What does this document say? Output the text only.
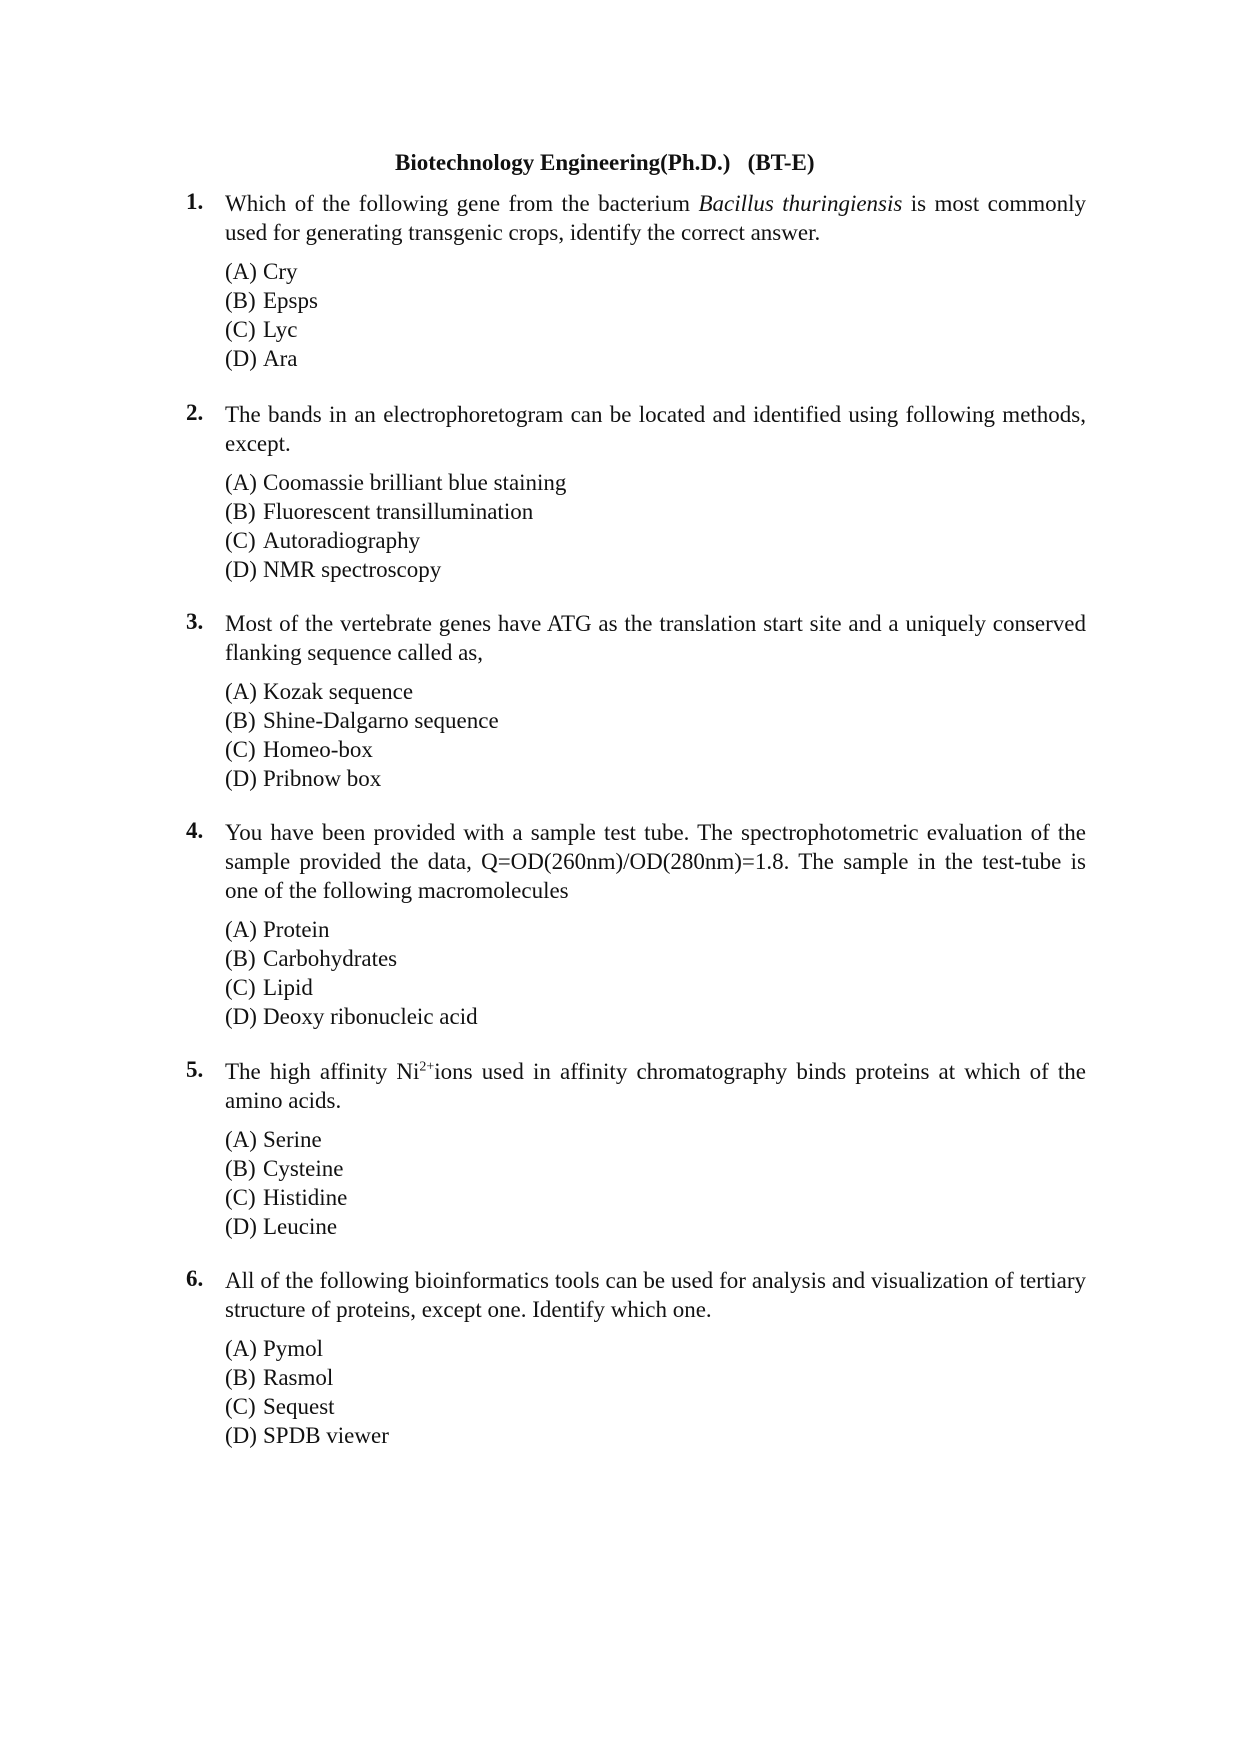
Biotechnology Engineering(Ph.D.)   (BT-E)
1. Which of the following gene from the bacterium Bacillus thuringiensis is most commonly used for generating transgenic crops, identify the correct answer.
(A) Cry
(B) Epsps
(C) Lyc
(D) Ara
2. The bands in an electrophoretogram can be located and identified using following methods, except.
(A) Coomassie brilliant blue staining
(B) Fluorescent transillumination
(C) Autoradiography
(D) NMR spectroscopy
3. Most of the vertebrate genes have ATG as the translation start site and a uniquely conserved flanking sequence called as,
(A) Kozak sequence
(B) Shine-Dalgarno sequence
(C) Homeo-box
(D) Pribnow box
4. You have been provided with a sample test tube. The spectrophotometric evaluation of the sample provided the data, Q=OD(260nm)/OD(280nm)=1.8. The sample in the test-tube is one of the following macromolecules
(A) Protein
(B) Carbohydrates
(C) Lipid
(D) Deoxy ribonucleic acid
5. The high affinity $Ni^{2+}ions$ used in affinity chromatography binds proteins at which of the amino acids.
(A) Serine
(B) Cysteine
(C) Histidine
(D) Leucine
6. All of the following bioinformatics tools can be used for analysis and visualization of tertiary structure of proteins, except one. Identify which one.
(A) Pymol
(B) Rasmol
(C) Sequest
(D) SPDB viewer
